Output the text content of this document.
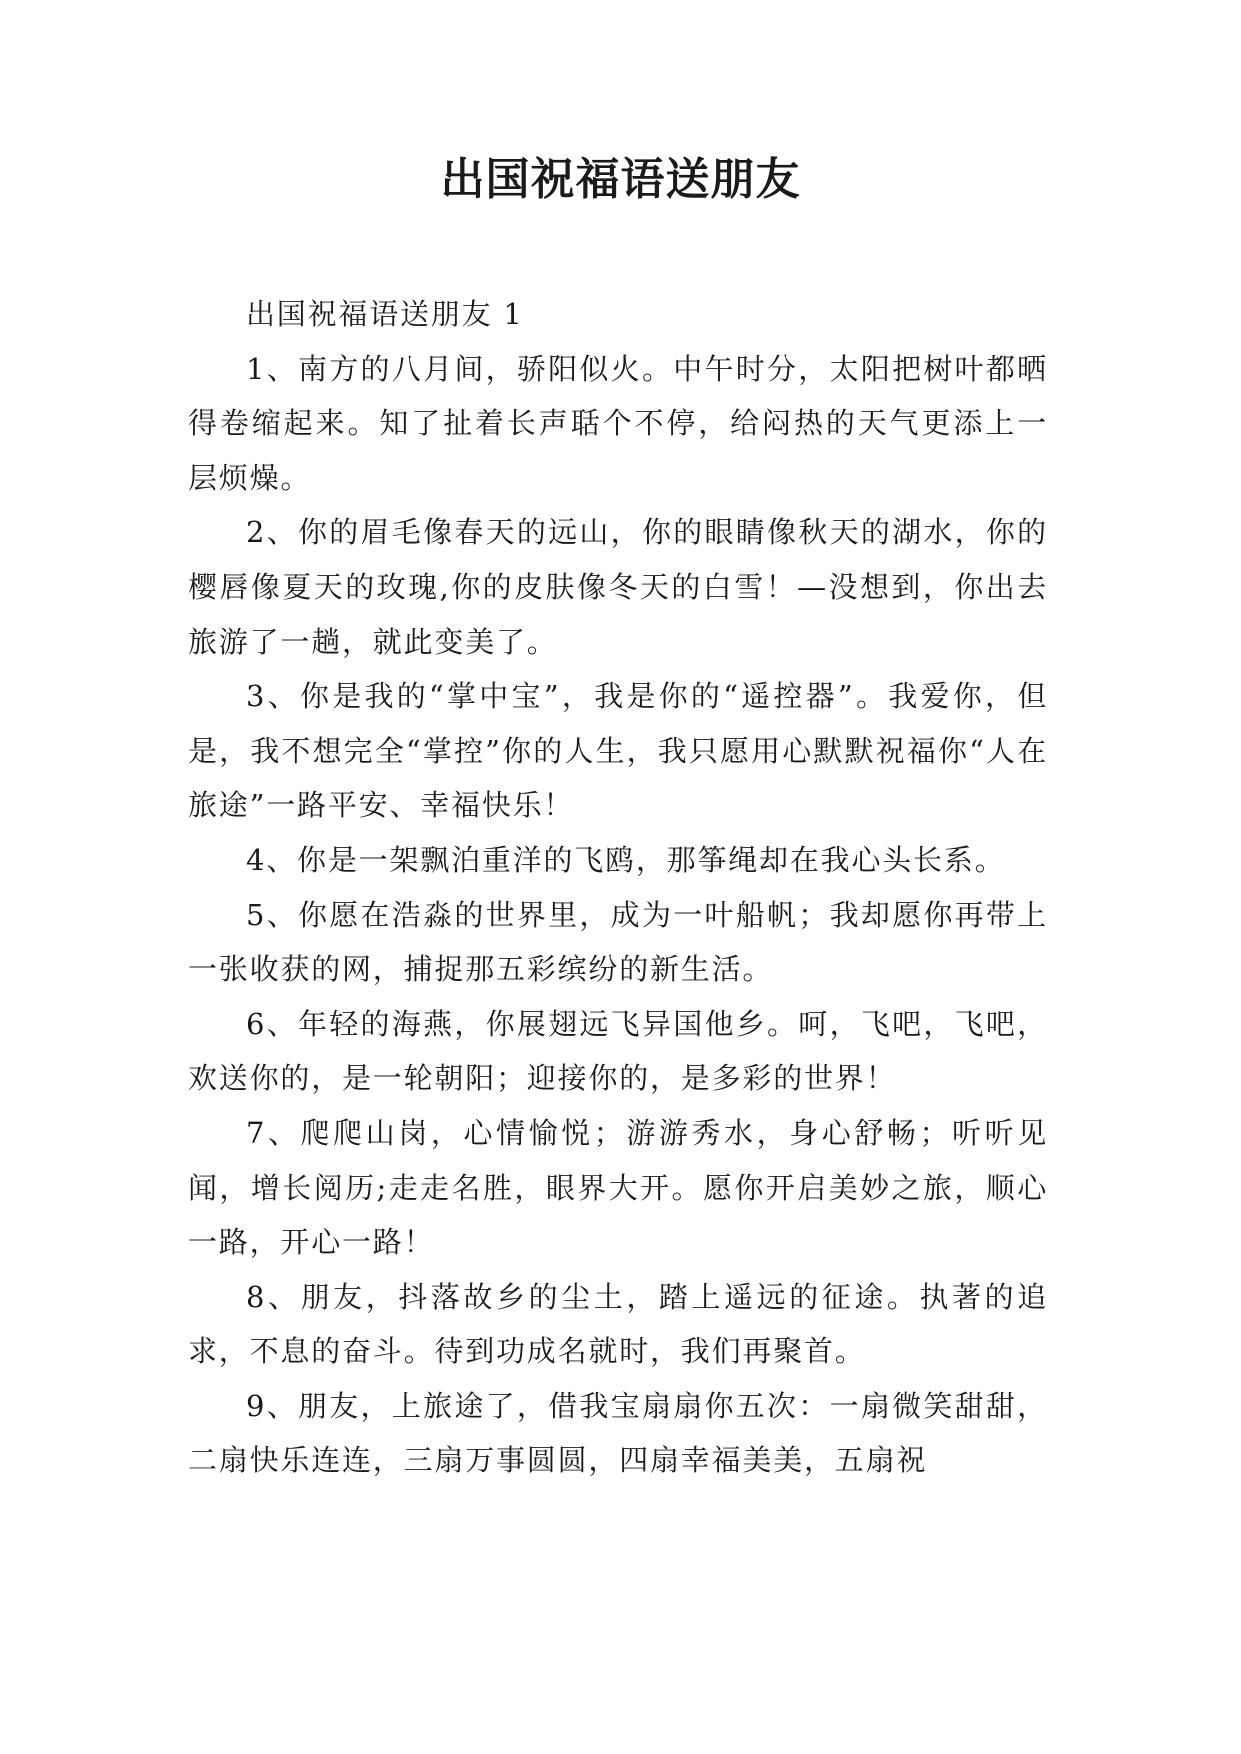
出国祝福语送朋友

出国祝福语送朋友 1

1、南方的八月间，骄阳似火。中午时分，太阳把树叶都晒得卷缩起来。知了扯着长声聒个不停，给闷热的天气更添上一层烦燥。

2、你的眉毛像春天的远山，你的眼睛像秋天的湖水，你的樱唇像夏天的玫瑰,你的皮肤像冬天的白雪！—没想到，你出去旅游了一趟，就此变美了。

3、你是我的“掌中宝”，我是你的“遥控器”。我爱你，但是，我不想完全“掌控”你的人生，我只愿用心默默祝福你“人在旅途”一路平安、幸福快乐！

4、你是一架飘泊重洋的飞鸥，那筝绳却在我心头长系。

5、你愿在浩淼的世界里，成为一叶船帆；我却愿你再带上一张收获的网，捕捉那五彩缤纷的新生活。

6、年轻的海燕，你展翅远飞异国他乡。呵，飞吧，飞吧，欢送你的，是一轮朝阳；迎接你的，是多彩的世界！

7、爬爬山岗，心情愉悦；游游秀水，身心舒畅；听听见闻，增长阅历;走走名胜，眼界大开。愿你开启美妙之旅，顺心一路，开心一路！

8、朋友，抖落故乡的尘土，踏上遥远的征途。执著的追求，不息的奋斗。待到功成名就时，我们再聚首。

9、朋友，上旅途了，借我宝扇扇你五次：一扇微笑甜甜，二扇快乐连连，三扇万事圆圆，四扇幸福美美，五扇祝
